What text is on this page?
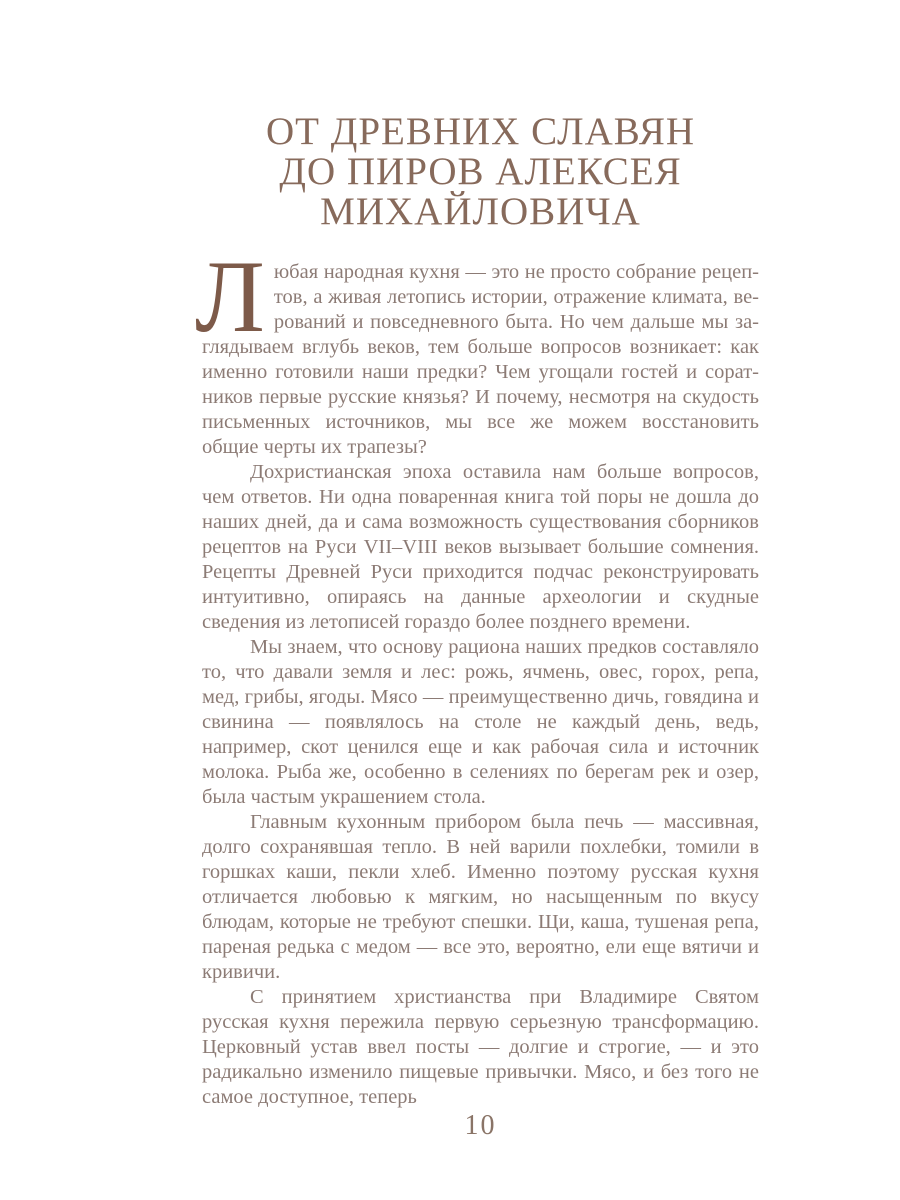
ОТ ДРЕВНИХ СЛАВЯН
ДО ПИРОВ АЛЕКСЕЯ
МИХАЙЛОВИЧА

Любая народная кухня — это не просто собрание рецептов, а живая летопись истории, отражение климата, верований и повседневного быта. Но чем дальше мы заглядываем вглубь веков, тем больше вопросов возникает: как именно готовили наши предки? Чем угощали гостей и соратников первые русские князья? И почему, несмотря на скудость письменных источников, мы все же можем восстановить общие черты их трапезы?

Дохристианская эпоха оставила нам больше вопросов, чем ответов. Ни одна поваренная книга той поры не дошла до наших дней, да и сама возможность существования сборников рецептов на Руси VII–VIII веков вызывает большие сомнения. Рецепты Древней Руси приходится подчас реконструировать интуитивно, опираясь на данные археологии и скудные сведения из летописей гораздо более позднего времени.

Мы знаем, что основу рациона наших предков составляло то, что давали земля и лес: рожь, ячмень, овес, горох, репа, мед, грибы, ягоды. Мясо — преимущественно дичь, говядина и свинина — появлялось на столе не каждый день, ведь, например, скот ценился еще и как рабочая сила и источник молока. Рыба же, особенно в селениях по берегам рек и озер, была частым украшением стола.

Главным кухонным прибором была печь — массивная, долго сохранявшая тепло. В ней варили похлебки, томили в горшках каши, пекли хлеб. Именно поэтому русская кухня отличается любовью к мягким, но насыщенным по вкусу блюдам, которые не требуют спешки. Щи, каша, тушеная репа, пареная редька с медом — все это, вероятно, ели еще вятичи и кривичи.

С принятием христианства при Владимире Святом русская кухня пережила первую серьезную трансформацию. Церковный устав ввел посты — долгие и строгие, — и это радикально изменило пищевые привычки. Мясо, и без того не самое доступное, теперь

10
